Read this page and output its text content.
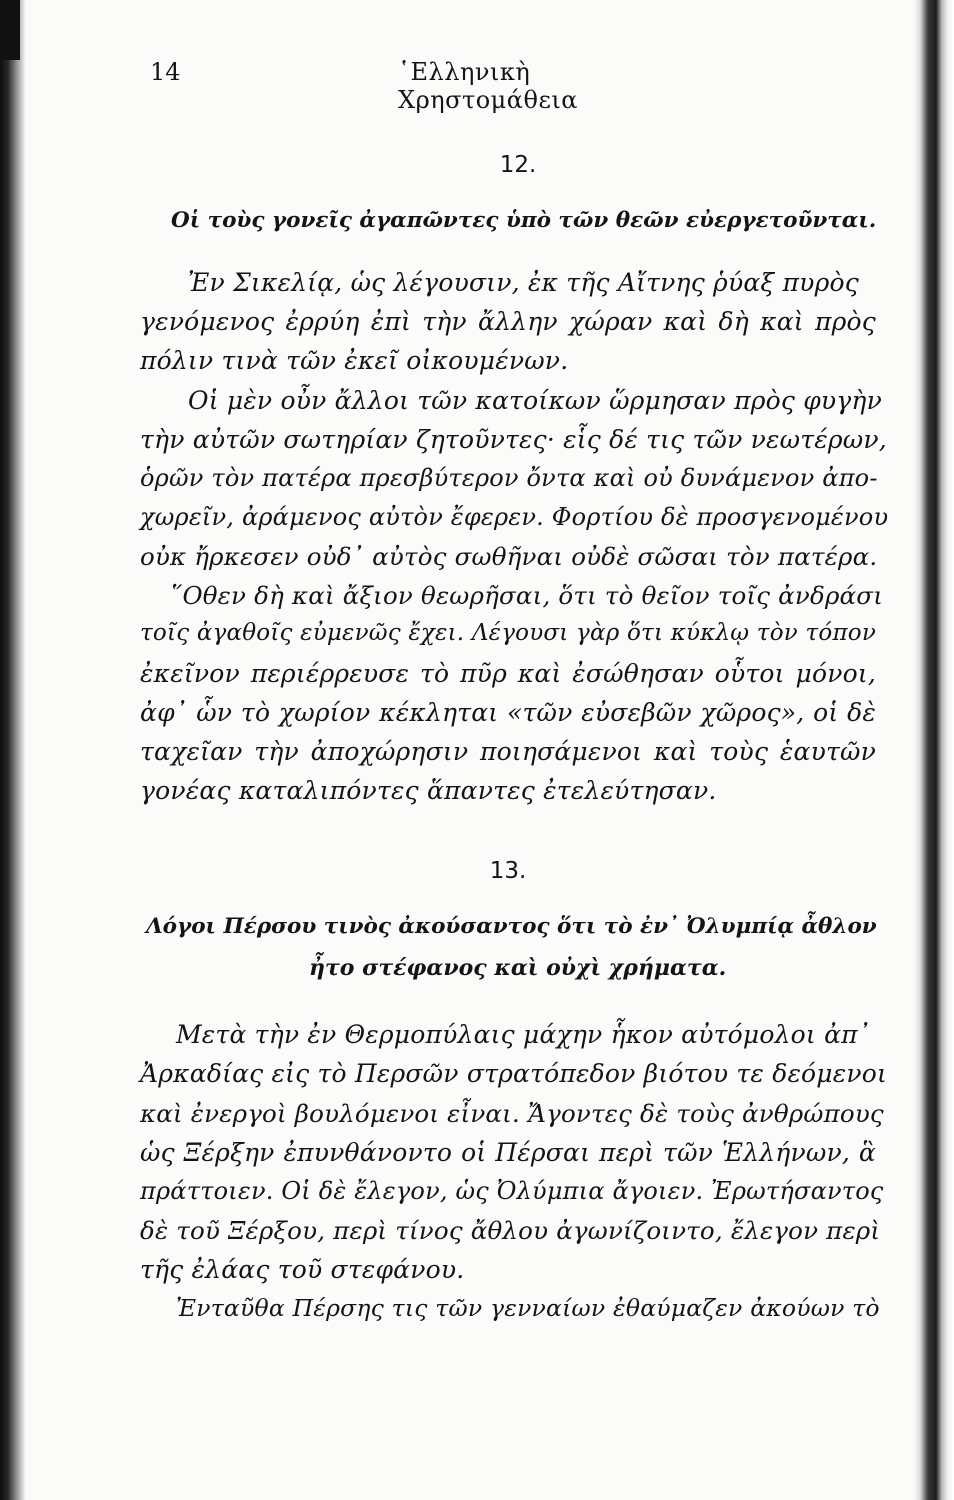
14	῾Ελληνικὴ Χρηστομάθεια
12.
Οἱ τοὺς γονεῖς ἀγαπῶντες ὑπὸ τῶν θεῶν εὐεργετοῦνται.
Ἐν Σικελίᾳ, ὡς λέγουσιν, ἐκ τῆς Αἴτνης ῥύαξ πυρὸς
γενόμενος ἐρρύη ἐπὶ τὴν ἄλλην χώραν καὶ δὴ καὶ πρὸς
πόλιν τινὰ τῶν ἐκεῖ οἰκουμένων.
Οἱ μὲν οὖν ἄλλοι τῶν κατοίκων ὥρμησαν πρὸς φυγὴν
τὴν αὐτῶν σωτηρίαν ζητοῦντες· εἷς δέ τις τῶν νεωτέρων,
ὁρῶν τὸν πατέρα πρεσβύτερον ὄντα καὶ οὐ δυνάμενον ἀπο-
χωρεῖν, ἀράμενος αὐτὸν ἔφερεν. Φορτίου δὲ προσγενομένου
οὐκ ἤρκεσεν οὐδ᾽ αὐτὸς σωθῆναι οὐδὲ σῶσαι τὸν πατέρα.
῞Οθεν δὴ καὶ ἄξιον θεωρῆσαι, ὅτι τὸ θεῖον τοῖς ἀνδράσι
τοῖς ἀγαθοῖς εὐμενῶς ἔχει. Λέγουσι γὰρ ὅτι κύκλῳ τὸν τόπον
ἐκεῖνον περιέρρευσε τὸ πῦρ καὶ ἐσώθησαν οὗτοι μόνοι,
ἀφ᾽ ὧν τὸ χωρίον κέκληται «τῶν εὐσεβῶν χῶρος», οἱ δὲ
ταχεῖαν τὴν ἀποχώρησιν ποιησάμενοι καὶ τοὺς ἑαυτῶν
γονέας καταλιπόντες ἅπαντες ἐτελεύτησαν.
13.
Λόγοι Πέρσου τινὸς ἀκούσαντος ὅτι τὸ ἐν᾽ Ὀλυμπίᾳ ἆθλον
ἦτο στέφανος καὶ οὐχὶ χρήματα.
Μετὰ τὴν ἐν Θερμοπύλαις μάχην ἧκον αὐτόμολοι ἀπ᾽
Ἀρκαδίας εἰς τὸ Περσῶν στρατόπεδον βιότου τε δεόμενοι
καὶ ἐνεργοὶ βουλόμενοι εἶναι. Ἄγοντες δὲ τοὺς ἀνθρώπους
ὡς Ξέρξην ἐπυνθάνοντο οἱ Πέρσαι περὶ τῶν Ἑλλήνων, ἃ
πράττοιεν. Οἱ δὲ ἔλεγον, ὡς Ὀλύμπια ἄγοιεν. Ἐρωτήσαντος
δὲ τοῦ Ξέρξου, περὶ τίνος ἄθλου ἀγωνίζοιντο, ἔλεγον περὶ
τῆς ἐλάας τοῦ στεφάνου.
Ἐνταῦθα Πέρσης τις τῶν γενναίων ἐθαύμαζεν ἀκούων τὸ
